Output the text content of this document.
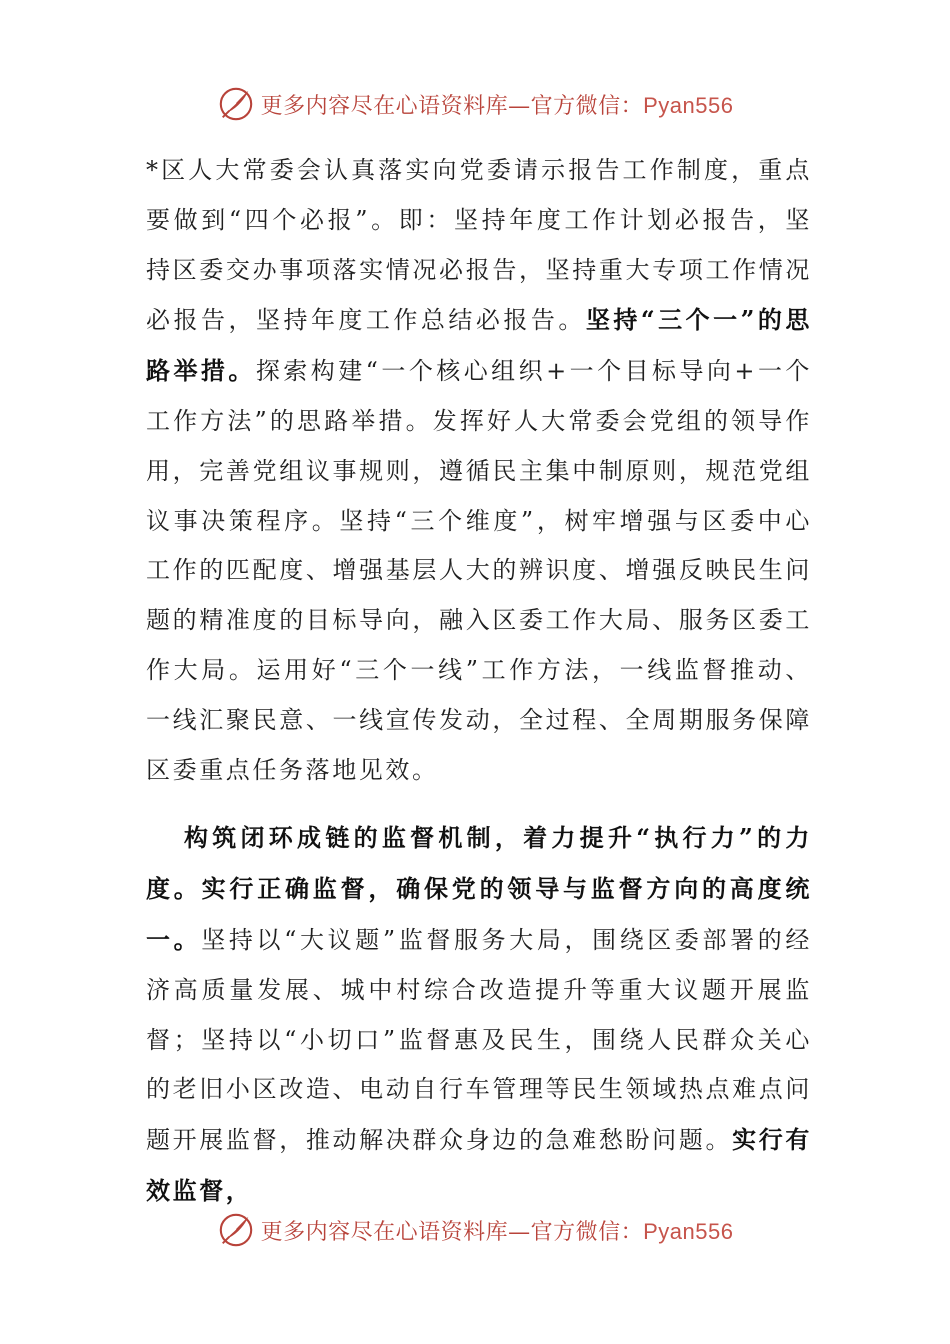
更多内容尽在心语资料库—官方微信：Pyan556

*区人大常委会认真落实向党委请示报告工作制度，重点要做到“四个必报”。即：坚持年度工作计划必报告，坚持区委交办事项落实情况必报告，坚持重大专项工作情况必报告，坚持年度工作总结必报告。坚持“三个一”的思路举措。探索构建“一个核心组织+一个目标导向+一个工作方法”的思路举措。发挥好人大常委会党组的领导作用，完善党组议事规则，遵循民主集中制原则，规范党组议事决策程序。坚持“三个维度”，树牢增强与区委中心工作的匹配度、增强基层人大的辨识度、增强反映民生问题的精准度的目标导向，融入区委工作大局、服务区委工作大局。运用好“三个一线”工作方法，一线监督推动、一线汇聚民意、一线宣传发动，全过程、全周期服务保障区委重点任务落地见效。

构筑闭环成链的监督机制，着力提升“执行力”的力度。实行正确监督，确保党的领导与监督方向的高度统一。坚持以“大议题”监督服务大局，围绕区委部署的经济高质量发展、城中村综合改造提升等重大议题开展监督；坚持以“小切口”监督惠及民生，围绕人民群众关心的老旧小区改造、电动自行车管理等民生领域热点难点问题开展监督，推动解决群众身边的急难愁盼问题。实行有效监督，

更多内容尽在心语资料库—官方微信：Pyan556
